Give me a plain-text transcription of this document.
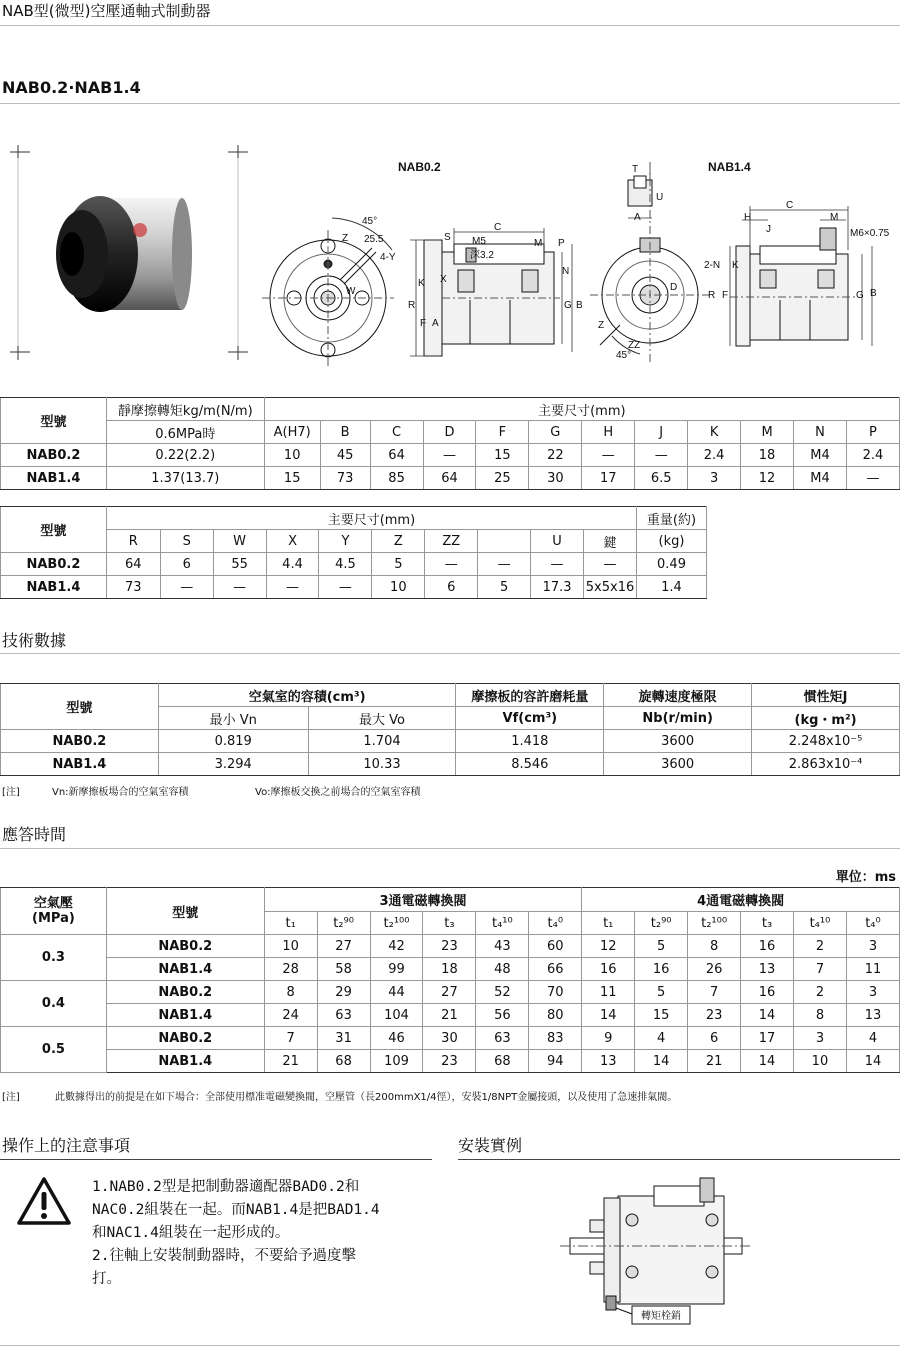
NAB型(微型)空壓通軸式制動器
NAB0.2·NAB1.4
NAB0.2	NAB1.4
45°
25.5
4-Y
Z
W
S
C
M5
深3.2
M P
N
K X
R
F A
G B
T
U
A
C
H
J
M
M6×0.75
2-N K
R F
D
G B
Z
ZZ
45°
型號	靜摩擦轉矩kg/m(N/m)	主要尺寸(mm)											
	0.6MPa時	A(H7)	B	C	D	F	G	H	J	K	M	N	P
NAB0.2	0.22(2.2)	10	45	64	—	15	22	—	—	2.4	18	M4	2.4
NAB1.4	1.37(13.7)	15	73	85	64	25	30	17	6.5	3	12	M4	—
型號	主要尺寸(mm)										重量(約)
	R	S	W	X	Y	Z	ZZ		U	鍵	(kg)
NAB0.2	64	6	55	4.4	4.5	5	—	—	—	—	0.49
NAB1.4	73	—	—	—	—	10	6	5	17.3	5x5x16	1.4
技術數據
型號	空氣室的容積(cm³)		摩擦板的容許磨耗量	旋轉速度極限	慣性矩J
	最小 Vn	最大 Vo	Vf(cm³)	Nb(r/min)	(kg・m²)
NAB0.2	0.819	1.704	1.418	3600	2.248x10⁻⁵
NAB1.4	3.294	10.33	8.546	3600	2.863x10⁻⁴
[注]	Vn:新摩擦板場合的空氣室容積	Vo:摩擦板交換之前場合的空氣室容積
應答時間
單位：ms
空氣壓
(MPa)	型號	3通電磁轉換閥						4通電磁轉換閥					
		t₁	t₂⁹⁰	t₂¹⁰⁰	t₃	t₄¹⁰	t₄⁰	t₁	t₂⁹⁰	t₂¹⁰⁰	t₃	t₄¹⁰	t₄⁰
0.3	NAB0.2	10	27	42	23	43	60	12	5	8	16	2	3
	NAB1.4	28	58	99	18	48	66	16	16	26	13	7	11
0.4	NAB0.2	8	29	44	27	52	70	11	5	7	16	2	3
	NAB1.4	24	63	104	21	56	80	14	15	23	14	8	13
0.5	NAB0.2	7	31	46	30	63	83	9	4	6	17	3	4
	NAB1.4	21	68	109	23	68	94	13	14	21	14	10	14
[注]	此數據得出的前提是在如下場合：全部使用標准電磁變換閥，空壓管（長200mmX1/4徑），安裝1/8NPT金屬接頭，以及使用了急速排氣閥。
操作上的注意事項
1.NAB0.2型是把制動器適配器BAD0.2和
NAC0.2組裝在一起。而NAB1.4是把BAD1.4
和NAC1.4組裝在一起形成的。
2.往軸上安裝制動器時，不要給予過度擊
打。
安裝實例
轉矩栓銷
